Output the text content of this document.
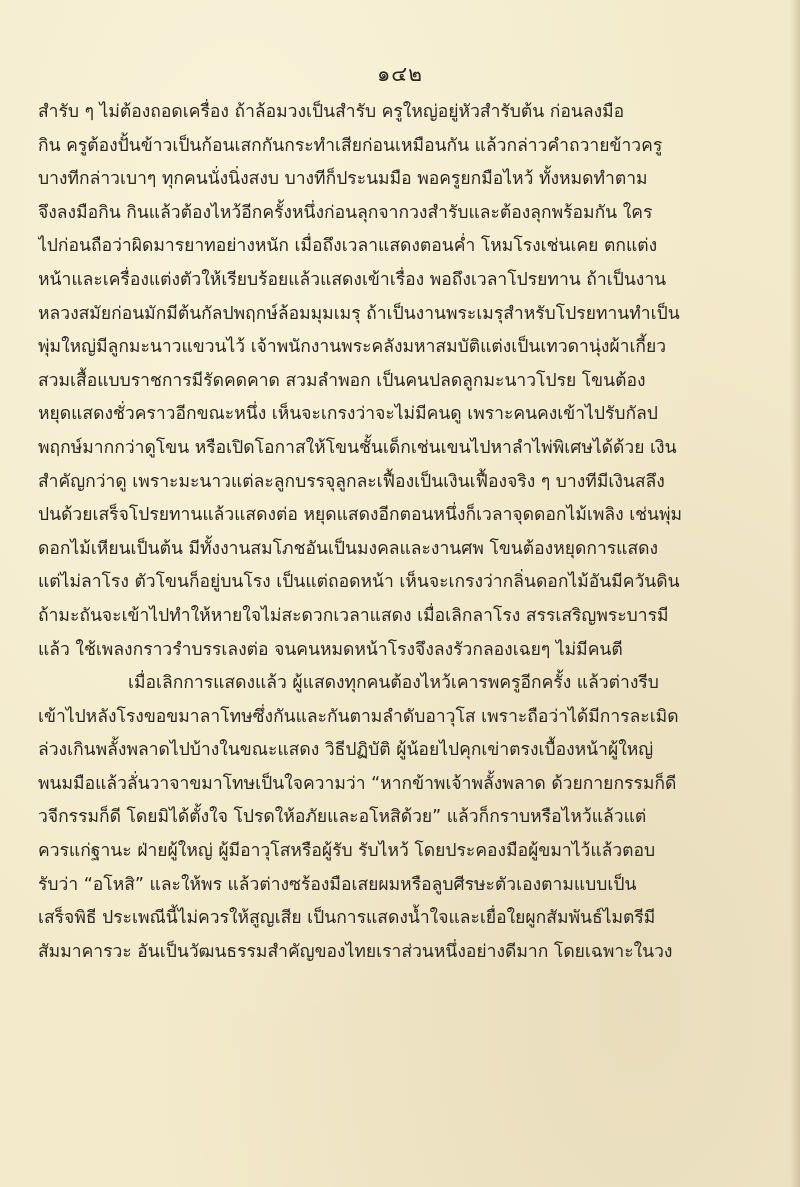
๑๔๒
สำรับ ๆ ไม่ต้องถอดเครื่อง ถ้าล้อมวงเป็นสำรับ ครูใหญ่อยู่หัวสำรับต้น ก่อนลงมือ
กิน ครูต้องปั้นข้าวเป็นก้อนเสกกันกระทำเสียก่อนเหมือนกัน แล้วกล่าวคำถวายข้าวครู
บางทีกล่าวเบาๆ ทุกคนนั่งนิ่งสงบ บางทีก็ประนมมือ พอครูยกมือไหว้ ทั้งหมดทำตาม
จึงลงมือกิน กินแล้วต้องไหว้อีกครั้งหนึ่งก่อนลุกจากวงสำรับและต้องลุกพร้อมกัน ใคร
ไปก่อนถือว่าผิดมารยาทอย่างหนัก เมื่อถึงเวลาแสดงตอนค่ำ โหมโรงเช่นเคย ตกแต่ง
หน้าและเครื่องแต่งตัวให้เรียบร้อยแล้วแสดงเข้าเรื่อง พอถึงเวลาโปรยทาน ถ้าเป็นงาน
หลวงสมัยก่อนมักมีต้นกัลปพฤกษ์ล้อมมุมเมรุ ถ้าเป็นงานพระเมรุสำหรับโปรยทานทำเป็น
พุ่มใหญ่มีลูกมะนาวแขวนไว้ เจ้าพนักงานพระคลังมหาสมบัติแต่งเป็นเทวดานุ่งผ้าเกี้ยว
สวมเสื้อแบบราชการมีรัดคดคาด สวมลำพอก เป็นคนปลดลูกมะนาวโปรย โขนต้อง
หยุดแสดงชั่วคราวอีกขณะหนึ่ง เห็นจะเกรงว่าจะไม่มีคนดู เพราะคนคงเข้าไปรับกัลป
พฤกษ์มากกว่าดูโขน หรือเปิดโอกาสให้โขนชั้นเด็กเช่นเขนไปหาลำไพ่พิเศษได้ด้วย เงิน
สำคัญกว่าดู เพราะมะนาวแต่ละลูกบรรจุลูกละเฟื้องเป็นเงินเฟื้องจริง ๆ บางทีมีเงินสลึง
ปนด้วยเสร็จโปรยทานแล้วแสดงต่อ หยุดแสดงอีกตอนหนึ่งก็เวลาจุดดอกไม้เพลิง เช่นพุ่ม
ดอกไม้เหียนเป็นต้น มีทั้งงานสมโภชอันเป็นมงคลและงานศพ โขนต้องหยุดการแสดง
แต่ไม่ลาโรง ตัวโขนก็อยู่บนโรง เป็นแต่ถอดหน้า เห็นจะเกรงว่ากลิ่นดอกไม้อันมีควันดิน
ถ้ามะถันจะเข้าไปทำให้หายใจไม่สะดวกเวลาแสดง เมื่อเลิกลาโรง สรรเสริญพระบารมี
แล้ว ใช้เพลงกราวรำบรรเลงต่อ จนคนหมดหน้าโรงจึงลงรัวกลองเฉยๆ ไม่มีคนตี
เมื่อเลิกการแสดงแล้ว ผู้แสดงทุกคนต้องไหว้เคารพครูอีกครั้ง แล้วต่างรีบ
เข้าไปหลังโรงขอขมาลาโทษซึ่งกันและกันตามลำดับอาวุโส เพราะถือว่าได้มีการละเมิด
ล่วงเกินพลั้งพลาดไปบ้างในขณะแสดง วิธีปฏิบัติ ผู้น้อยไปคุกเข่าตรงเบื้องหน้าผู้ใหญ่
พนมมือแล้วลั่นวาจาขมาโทษเป็นใจความว่า “หากข้าพเจ้าพลั้งพลาด ด้วยกายกรรมก็ดี
วจีกรรมก็ดี โดยมิได้ตั้งใจ โปรดให้อภัยและอโหสิด้วย” แล้วก็กราบหรือไหว้แล้วแต่
ควรแก่ฐานะ ฝ่ายผู้ใหญ่ ผู้มีอาวุโสหรือผู้รับ รับไหว้ โดยประคองมือผู้ขมาไว้แล้วตอบ
รับว่า “อโหสิ” และให้พร แล้วต่างซร้องมือเสยผมหรือลูบศีรษะตัวเองตามแบบเป็น
เสร็จพิธี ประเพณีนี้ไม่ควรให้สูญเสีย เป็นการแสดงน้ำใจและเยื่อใยผูกสัมพันธ์ไมตรีมี
สัมมาคารวะ อันเป็นวัฒนธรรมสำคัญของไทยเราส่วนหนึ่งอย่างดีมาก โดยเฉพาะในวง
